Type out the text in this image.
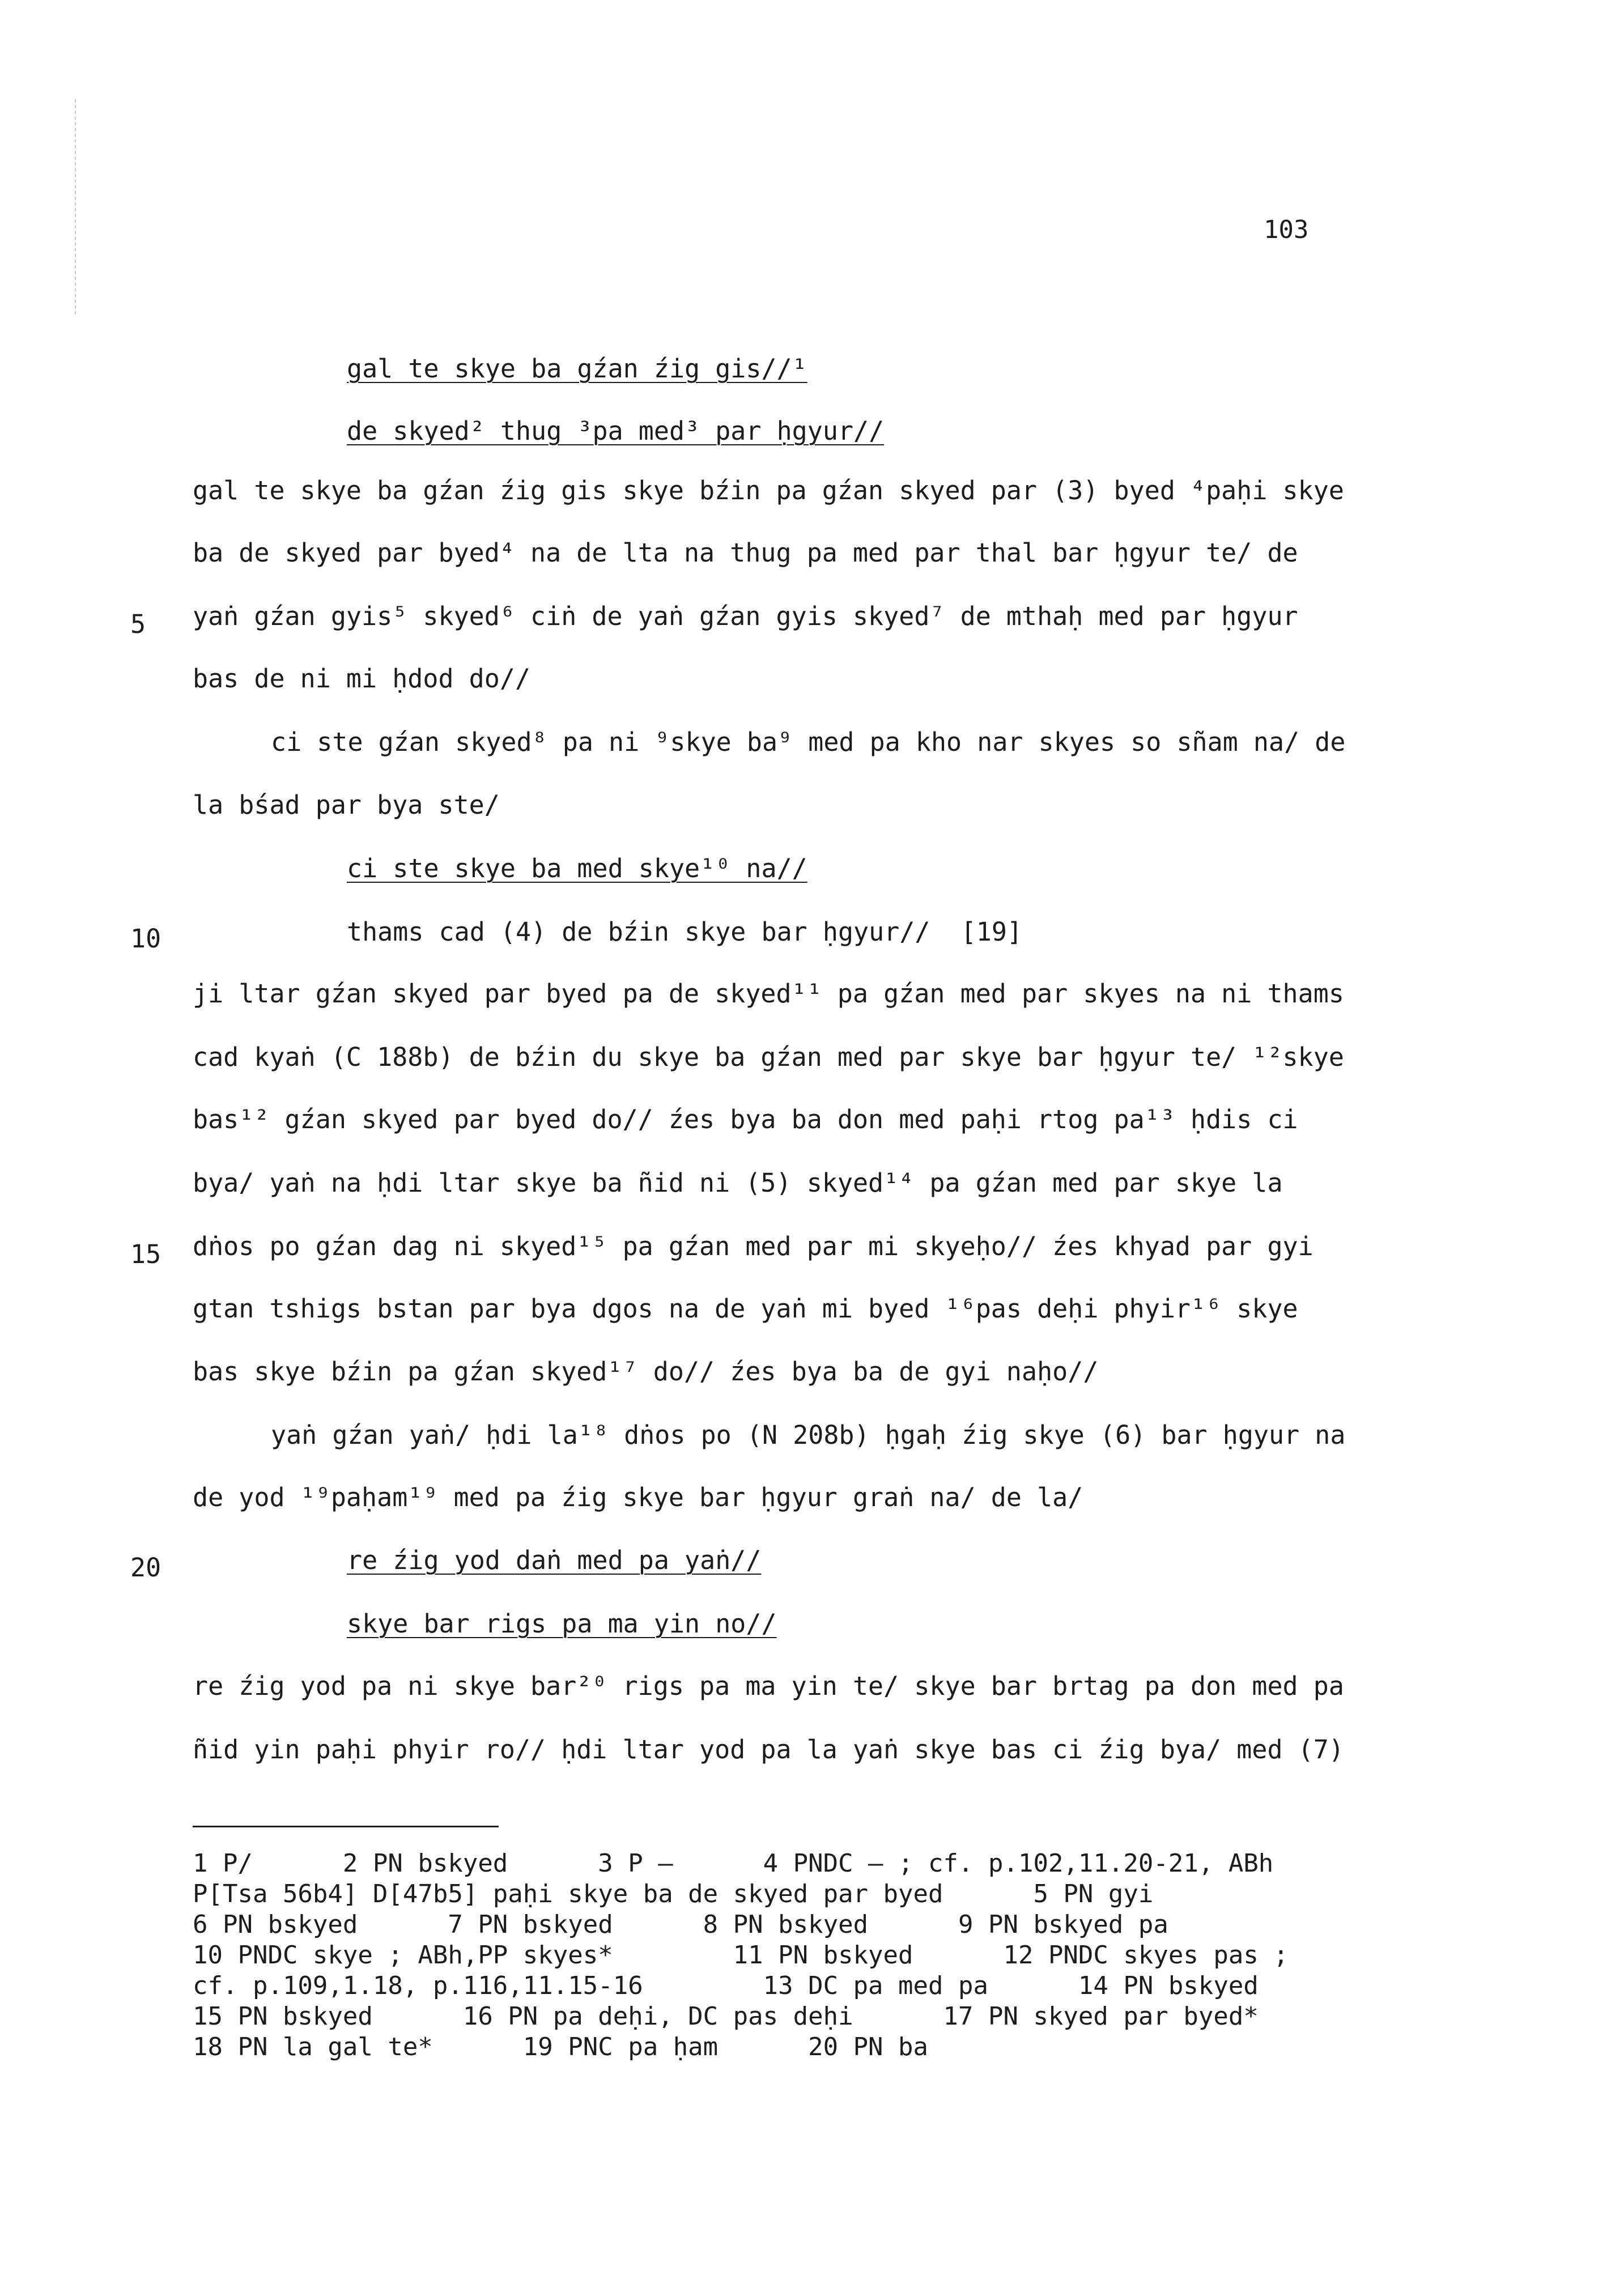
103
5
10
15
20
gal te skye ba gźan źig gis//¹
de skyed² thug ³pa med³ par ḥgyur//
gal te skye ba gźan źig gis skye bźin pa gźan skyed par (3) byed ⁴paḥi skye
ba de skyed par byed⁴ na de lta na thug pa med par thal bar ḥgyur te/ de
yaṅ gźan gyis⁵ skyed⁶ ciṅ de yaṅ gźan gyis skyed⁷ de mthaḥ med par ḥgyur
bas de ni mi ḥdod do//
ci ste gźan skyed⁸ pa ni ⁹skye ba⁹ med pa kho nar skyes so sñam na/ de
la bśad par bya ste/
ci ste skye ba med skye¹⁰ na//
thams cad (4) de bźin skye bar ḥgyur//  [19]
ji ltar gźan skyed par byed pa de skyed¹¹ pa gźan med par skyes na ni thams
cad kyaṅ (C 188b) de bźin du skye ba gźan med par skye bar ḥgyur te/ ¹²skye
bas¹² gźan skyed par byed do// źes bya ba don med paḥi rtog pa¹³ ḥdis ci
bya/ yaṅ na ḥdi ltar skye ba ñid ni (5) skyed¹⁴ pa gźan med par skye la
dṅos po gźan dag ni skyed¹⁵ pa gźan med par mi skyeḥo// źes khyad par gyi
gtan tshigs bstan par bya dgos na de yaṅ mi byed ¹⁶pas deḥi phyir¹⁶ skye
bas skye bźin pa gźan skyed¹⁷ do// źes bya ba de gyi naḥo//
yaṅ gźan yaṅ/ ḥdi la¹⁸ dṅos po (N 208b) ḥgaḥ źig skye (6) bar ḥgyur na
de yod ¹⁹paḥam¹⁹ med pa źig skye bar ḥgyur graṅ na/ de la/
re źig yod daṅ med pa yaṅ//
skye bar rigs pa ma yin no//
re źig yod pa ni skye bar²⁰ rigs pa ma yin te/ skye bar brtag pa don med pa
ñid yin paḥi phyir ro// ḥdi ltar yod pa la yaṅ skye bas ci źig bya/ med (7)
1 P/      2 PN bskyed      3 P —      4 PNDC — ; cf. p.102,11.20-21, ABh
P[Tsa 56b4] D[47b5] paḥi skye ba de skyed par byed      5 PN gyi
6 PN bskyed      7 PN bskyed      8 PN bskyed      9 PN bskyed pa
10 PNDC skye ; ABh,PP skyes*        11 PN bskyed      12 PNDC skyes pas ;
cf. p.109,1.18, p.116,11.15-16        13 DC pa med pa      14 PN bskyed
15 PN bskyed      16 PN pa deḥi, DC pas deḥi      17 PN skyed par byed*
18 PN la gal te*      19 PNC pa ḥam      20 PN ba
